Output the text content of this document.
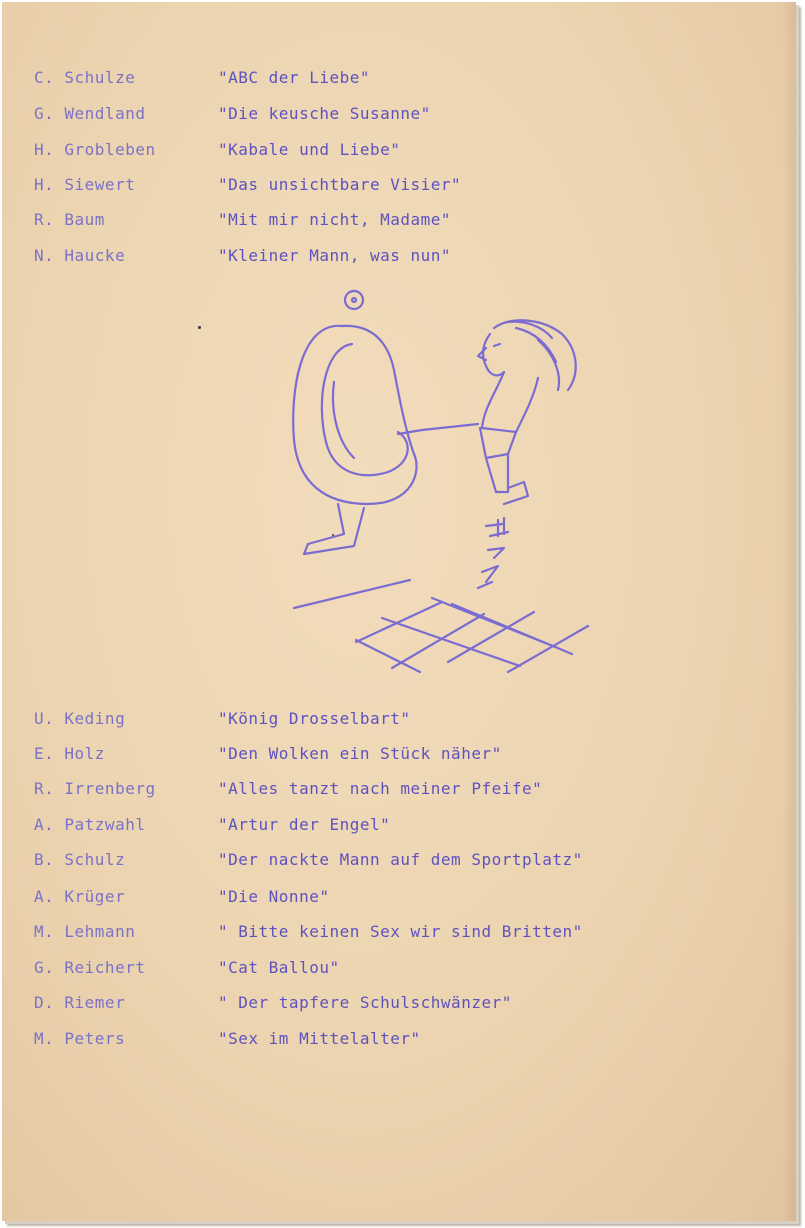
C. Schulze	"ABC der Liebe"
G. Wendland	"Die keusche Susanne"
H. Grobleben	"Kabale und Liebe"
H. Siewert	"Das unsichtbare Visier"
R. Baum	"Mit mir nicht, Madame"
N. Haucke	"Kleiner Mann, was nun"
U. Keding	"König Drosselbart"
E. Holz	"Den Wolken ein Stück näher"
R. Irrenberg	"Alles tanzt nach meiner Pfeife"
A. Patzwahl	"Artur der Engel"
B. Schulz	"Der nackte Mann auf dem Sportplatz"
A. Krüger	"Die Nonne"
M. Lehmann	" Bitte keinen Sex wir sind Britten"
G. Reichert	"Cat Ballou"
D. Riemer	" Der tapfere Schulschwänzer"
M. Peters	"Sex im Mittelalter"
